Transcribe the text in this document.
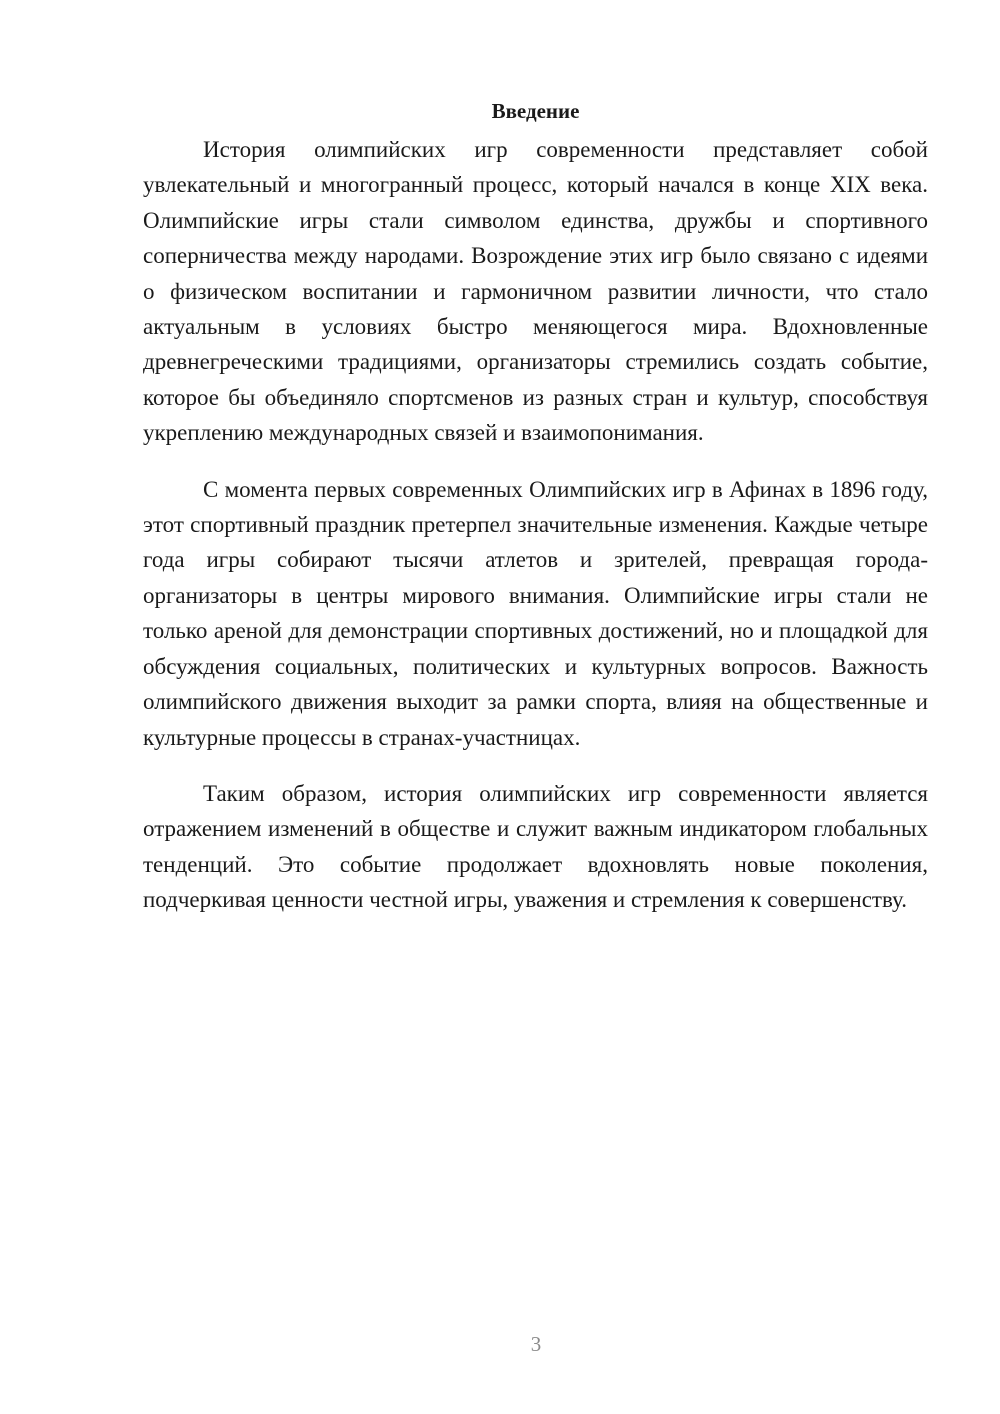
Введение

История олимпийских игр современности представляет собой увлекательный и многогранный процесс, который начался в конце XIX века. Олимпийские игры стали символом единства, дружбы и спортивного соперничества между народами. Возрождение этих игр было связано с идеями о физическом воспитании и гармоничном развитии личности, что стало актуальным в условиях быстро меняющегося мира. Вдохновленные древнегреческими традициями, организаторы стремились создать событие, которое бы объединяло спортсменов из разных стран и культур, способствуя укреплению международных связей и взаимопонимания.

С момента первых современных Олимпийских игр в Афинах в 1896 году, этот спортивный праздник претерпел значительные изменения. Каждые четыре года игры собирают тысячи атлетов и зрителей, превращая города-организаторы в центры мирового внимания. Олимпийские игры стали не только ареной для демонстрации спортивных достижений, но и площадкой для обсуждения социальных, политических и культурных вопросов. Важность олимпийского движения выходит за рамки спорта, влияя на общественные и культурные процессы в странах-участницах.

Таким образом, история олимпийских игр современности является отражением изменений в обществе и служит важным индикатором глобальных тенденций. Это событие продолжает вдохновлять новые поколения, подчеркивая ценности честной игры, уважения и стремления к совершенству.

3
